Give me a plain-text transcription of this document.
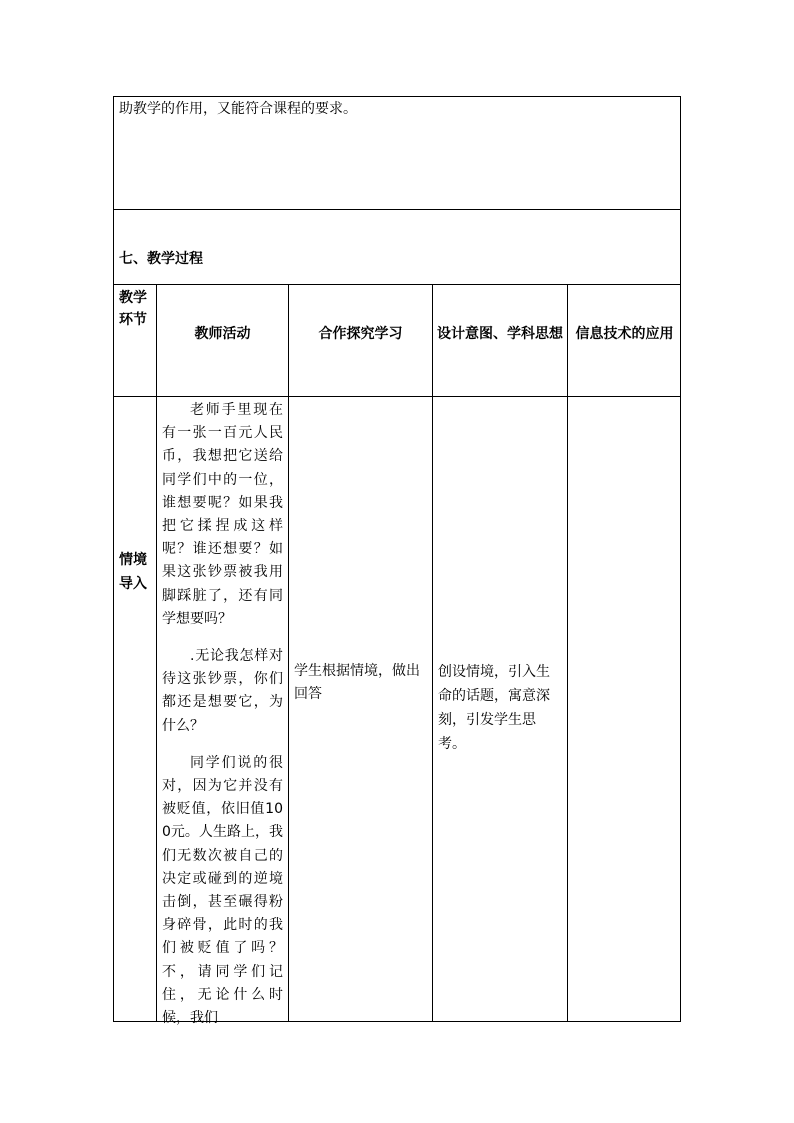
助教学的作用，又能符合课程的要求。
七、教学过程
教学环节
教师活动	合作探究学习	设计意图、学科思想 信息技术的应用
情境导入

老师手里现在有一张一百元人民币，我想把它送给同学们中的一位，谁想要呢？如果我把它揉捏成这样呢？谁还想要？如果这张钞票被我用脚踩脏了，还有同学想要吗？

.无论我怎样对待这张钞票，你们都还是想要它，为什么？

同学们说的很对，因为它并没有被贬值，依旧值100元。人生路上，我们无数次被自己的决定或碰到的逆境击倒，甚至碾得粉身碎骨，此时的我们被贬值了吗？不，请同学们记住，无论什么时候，我们

学生根据情境，做出回答
创设情境，引入生命的话题，寓意深刻，引发学生思考。
